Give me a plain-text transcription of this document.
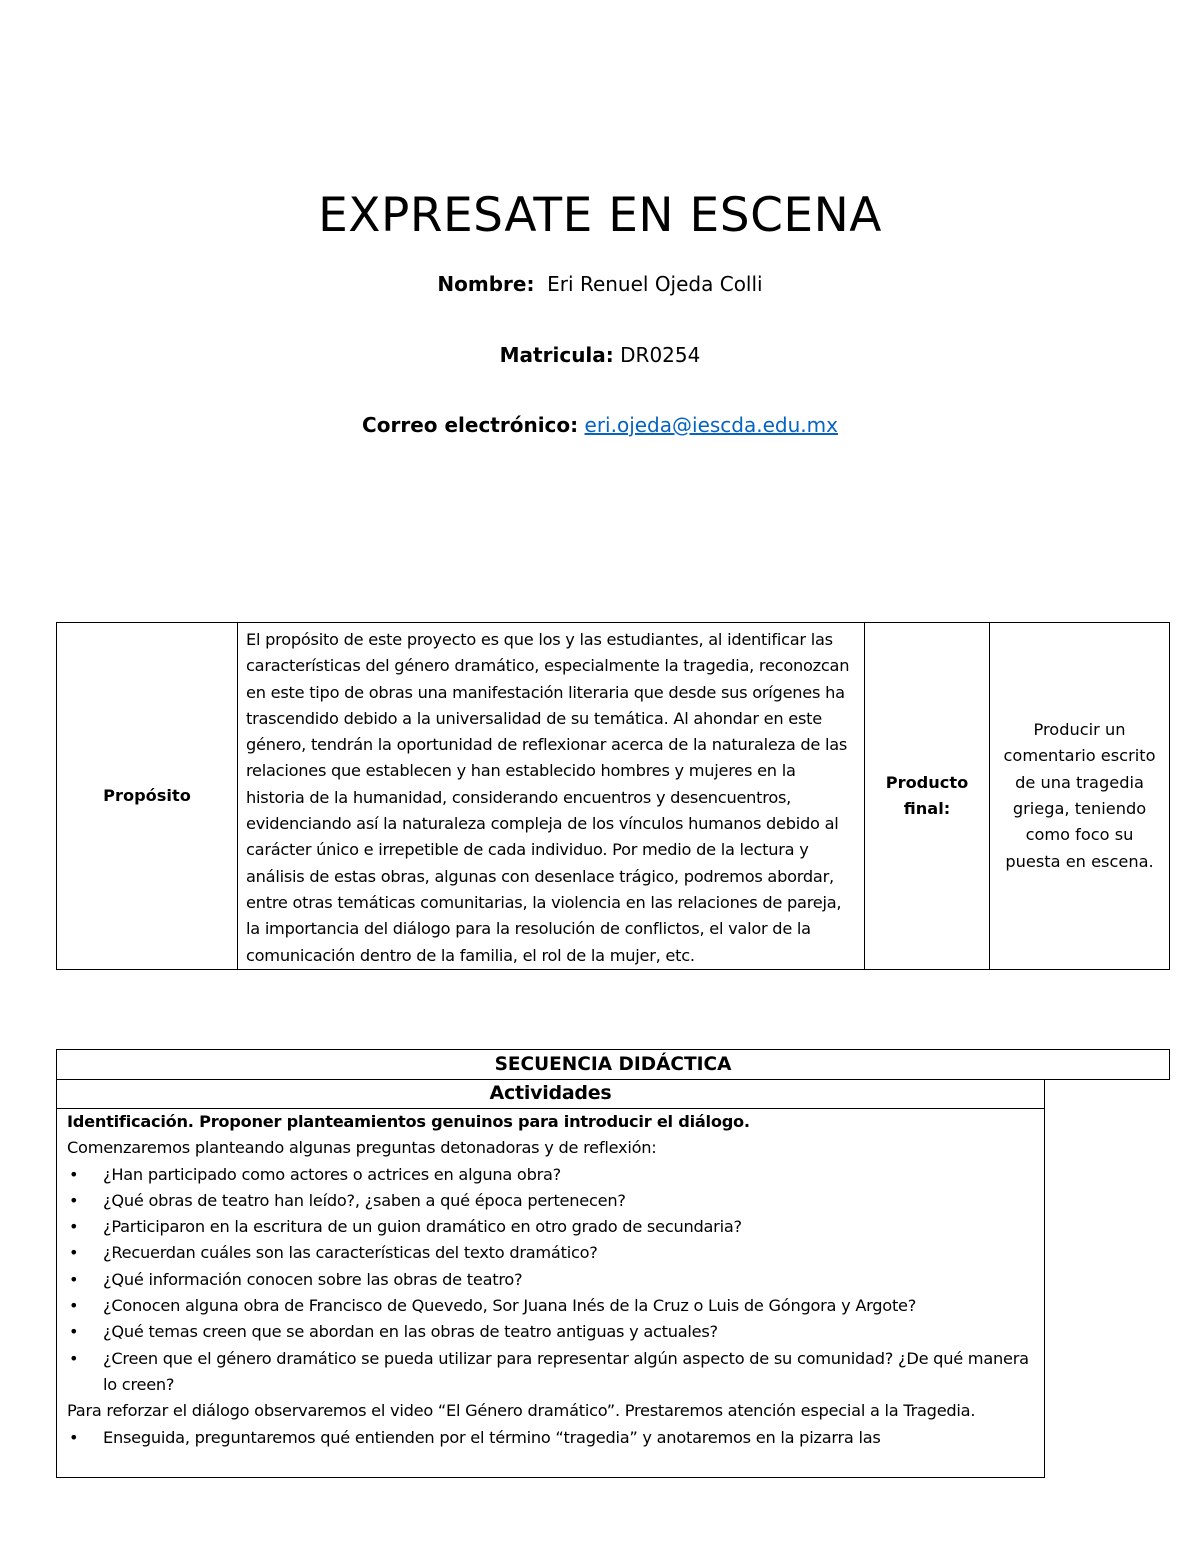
EXPRESATE EN ESCENA
Nombre: Eri Renuel Ojeda Colli
Matricula: DR0254
Correo electrónico: eri.ojeda@iescda.edu.mx
Propósito	El propósito de este proyecto es que los y las estudiantes, al identificar las características del género dramático, especialmente la tragedia, reconozcan en este tipo de obras una manifestación literaria que desde sus orígenes ha trascendido debido a la universalidad de su temática. Al ahondar en este género, tendrán la oportunidad de reflexionar acerca de la naturaleza de las relaciones que establecen y han establecido hombres y mujeres en la historia de la humanidad, considerando encuentros y desencuentros, evidenciando así la naturaleza compleja de los vínculos humanos debido al carácter único e irrepetible de cada individuo. Por medio de la lectura y análisis de estas obras, algunas con desenlace trágico, podremos abordar, entre otras temáticas comunitarias, la violencia en las relaciones de pareja, la importancia del diálogo para la resolución de conflictos, el valor de la comunicación dentro de la familia, el rol de la mujer, etc.	Producto final:	Producir un comentario escrito de una tragedia griega, teniendo como foco su puesta en escena.
SECUENCIA DIDÁCTICA
Actividades
Identificación. Proponer planteamientos genuinos para introducir el diálogo.
Comenzaremos planteando algunas preguntas detonadoras y de reflexión:
• ¿Han participado como actores o actrices en alguna obra?
• ¿Qué obras de teatro han leído?, ¿saben a qué época pertenecen?
• ¿Participaron en la escritura de un guion dramático en otro grado de secundaria?
• ¿Recuerdan cuáles son las características del texto dramático?
• ¿Qué información conocen sobre las obras de teatro?
• ¿Conocen alguna obra de Francisco de Quevedo, Sor Juana Inés de la Cruz o Luis de Góngora y Argote?
• ¿Qué temas creen que se abordan en las obras de teatro antiguas y actuales?
• ¿Creen que el género dramático se pueda utilizar para representar algún aspecto de su comunidad? ¿De qué manera lo creen?
Para reforzar el diálogo observaremos el video “El Género dramático”. Prestaremos atención especial a la Tragedia.
• Enseguida, preguntaremos qué entienden por el término “tragedia” y anotaremos en la pizarra las
